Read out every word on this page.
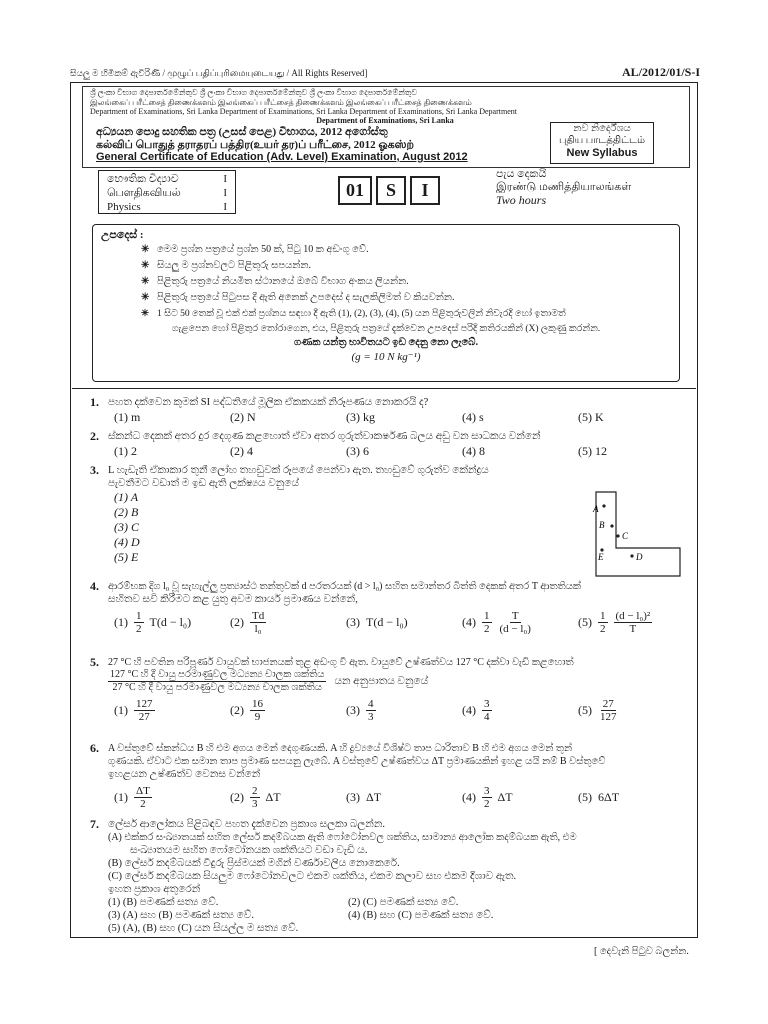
සියලු ම හිමිකම් ඇවිරිණි / முழுப் பதிப்புரிமையுடையது / All Rights Reserved]	AL/2012/01/S-I
ශ්‍රී ලංකා විභාග දෙපාර්තමේන්තුව ශ්‍රී ලංකා විභාග දෙපාර්තමේන්තුව ශ්‍රී ලංකා විභාග දෙපාර්තමේන්තුව
இலங்கைப் பரீட்சைத் திணைக்களம் இலங்கைப் பரீட்சைத் திணைக்களம் இலங்கைப் பரீட்சைத் திணைக்களம்
Department of Examinations, Sri Lanka Department of Examinations, Sri Lanka Department of Examinations, Sri Lanka Department
Department of Examinations, Sri Lanka
අධ්‍යයන පොදු සහතික පත්‍ර (උසස් පෙළ) විභාගය, 2012 අගෝස්තු
கல்விப் பொதுத் தராதரப் பத்திர(உயர் தர)ப் பரீட்சை, 2012 ஓகஸ்ற்
General Certificate of Education (Adv. Level) Examination, August 2012
නව නිර්දේශය
புதிய பாடத்திட்டம்
New Syllabus
භෞතික විද්‍යාව	I
பௌதிகவியல்	I
Physics	I
01	S	I
පැය දෙකයි
இரண்டு மணித்தியாலங்கள்
Two hours
උපදෙස් :
✳ මෙම ප්‍රශ්න පත්‍රයේ ප්‍රශ්න 50 ක්, පිටු 10 ක අඩංගු වේ.
✳ සියලු ම ප්‍රශ්නවලට පිළිතුරු සපයන්න.
✳ පිළිතුරු පත්‍රයේ නියමිත ස්ථානයේ ඔබේ විභාග අංකය ලියන්න.
✳ පිළිතුරු පත්‍රයේ පිටුපස දී ඇති අනෙක් උපදෙස් ද සැලකිලිමත් ව කියවන්න.
✳ 1 සිට 50 තෙක් වූ එක් එක් ප්‍රශ්නය සඳහා දී ඇති (1), (2), (3), (4), (5) යන පිළිතුරුවලින් නිවැරදි හෝ ඉතාමත්
ගැළපෙන හෝ පිළිතුර තෝරාගෙන, එය, පිළිතුරු පත්‍රයේ දැක්වෙන උපදෙස් පරිදි කතිරයකින් (X) ලකුණු කරන්න.
ගණක යන්ත්‍ර භාවිතයට ඉඩ දෙනු නො ලැබේ.
(g = 10 N kg⁻¹)
1. පහත දක්වෙන කුමක් SI පද්ධතියේ මූලික ඒකකයක් නිරූපණය නොකරයි ද?
(1) m	(2) N	(3) kg	(4) s	(5) K
2. ස්කන්ධ දෙකක් අතර දුර දෙගුණ කළහොත් ඒවා අතර ගුරුත්වාකර්ෂණ බලය අඩු වන සාධකය වන්නේ
(1) 2	(2) 4	(3) 6	(4) 8	(5) 12
3. L හැඩැති ඒකාකාර තුනී ලෝහ තහඩුවක් රූපයේ පෙන්වා ඇත. තහඩුවේ ගුරුත්ව කේන්ද්‍රය
පැවතීමට වඩාත් ම ඉඩ ඇති ලක්ෂ්‍යය වනුයේ
(1) A
(2) B
(3) C
(4) D
(5) E
A
B
C
D
E
4. ආරම්භක දිග l₀ වූ සැහැල්ලු ප්‍රත්‍යාස්ථ තන්තුවක් d පරතරයක් (d > l₀) සහිත සමාන්තර බිත්ති දෙකක් අතර T ආතතියක්
සහිතව සවි කිරීමට කළ යුතු අවම කාර්ය ප්‍රමාණය වන්නේ,
$(1) \frac{1}{2} T(d - l_0)$	$(2) \frac{Td}{\text{l₀}}$	(3) T(d − l₀)	$(4) \frac{1}{2} \frac{T}{\text{(d − l₀)}}$	$(5) \frac{1}{2} \frac{\text{(d − l₀)²}}{T}$
5. 27 °C හි පවතින පරිපූර්ණ වායුවක් භාජනයක් තුළ අඩංගු වී ඇත. වායුවේ උෂ්ණත්වය 127 °C දක්වා වැඩි කළහොත්
$\frac{\text{127 °C හි දී වායු පරමාණුවල මධ්‍යන්‍ය චාලක ශක්තිය}}{\text{27 °C හි දී වායු පරමාණුවල මධ්‍යන්‍ය චාලක ශක්තිය}}$ යන අනුපාතය වනුයේ
$(1) \frac{127}{27}$	$(2) \frac{16}{9}$	$(3) \frac{4}{3}$	$(4) \frac{3}{4}$	$(5) \frac{27}{127}$
6. A වස්තුවේ ස්කන්ධය B හි එම අගය මෙන් දෙගුණයකි. A හි ද්‍රව්‍යයේ විශිෂ්ට තාප ධාරිතාව B හි එම අගය මෙන් තුන්
ගුණයකි. ඒවාට එක සමාන තාප ප්‍රමාණ සපයනු ලැබේ. A වස්තුවේ උෂ්ණත්වය ΔT ප්‍රමාණයකින් ඉහළ යයි නම් B වස්තුවේ
ඉහළයන උෂ්ණත්ව වෙනස වන්නේ
$(1) \frac{\Delta T}{2}$	$(2) \frac{2}{3}$ ΔT	(3) ΔT	$(4) \frac{3}{2}$ ΔT	(5) 6ΔT
7. ලේසර් ආලෝකය පිළිබඳව පහත දැක්වෙන ප්‍රකාශ සලකා බලන්න.
(A) එක්කර සංඛ්‍යාතයක් සහිත ලේසර් කදම්බයක ඇති ෆෝටෝනවල ශක්තිය, සාමාන්‍ය ආලෝක කදම්බයක ඇති, එම
සංඛ්‍යාතයම සහිත ෆෝටෝනයක ශක්තියට වඩා වැඩි ය.
(B) ලේසර් කදම්බයක් වීදුරු ප්‍රිස්මයක් මගින් වර්ණාවලිය නොකෙරේ.
(C) ලේසර් කදම්බයක සියලුම ෆෝටෝනවලට එකම ශක්තිය, එකම කලාව සහ එකම දිශාව ඇත.
ඉහත ප්‍රකාශ අතුරෙන්
(1) (B) පමණක් සත්‍ය වේ.	(2) (C) පමණක් සත්‍ය වේ.
(3) (A) සහ (B) පමණක් සත්‍ය වේ.	(4) (B) සහ (C) පමණක් සත්‍ය වේ.
(5) (A), (B) සහ (C) යන සියල්ල ම සත්‍ය වේ.
[ දෙවැනි පිටුව බලන්න.
